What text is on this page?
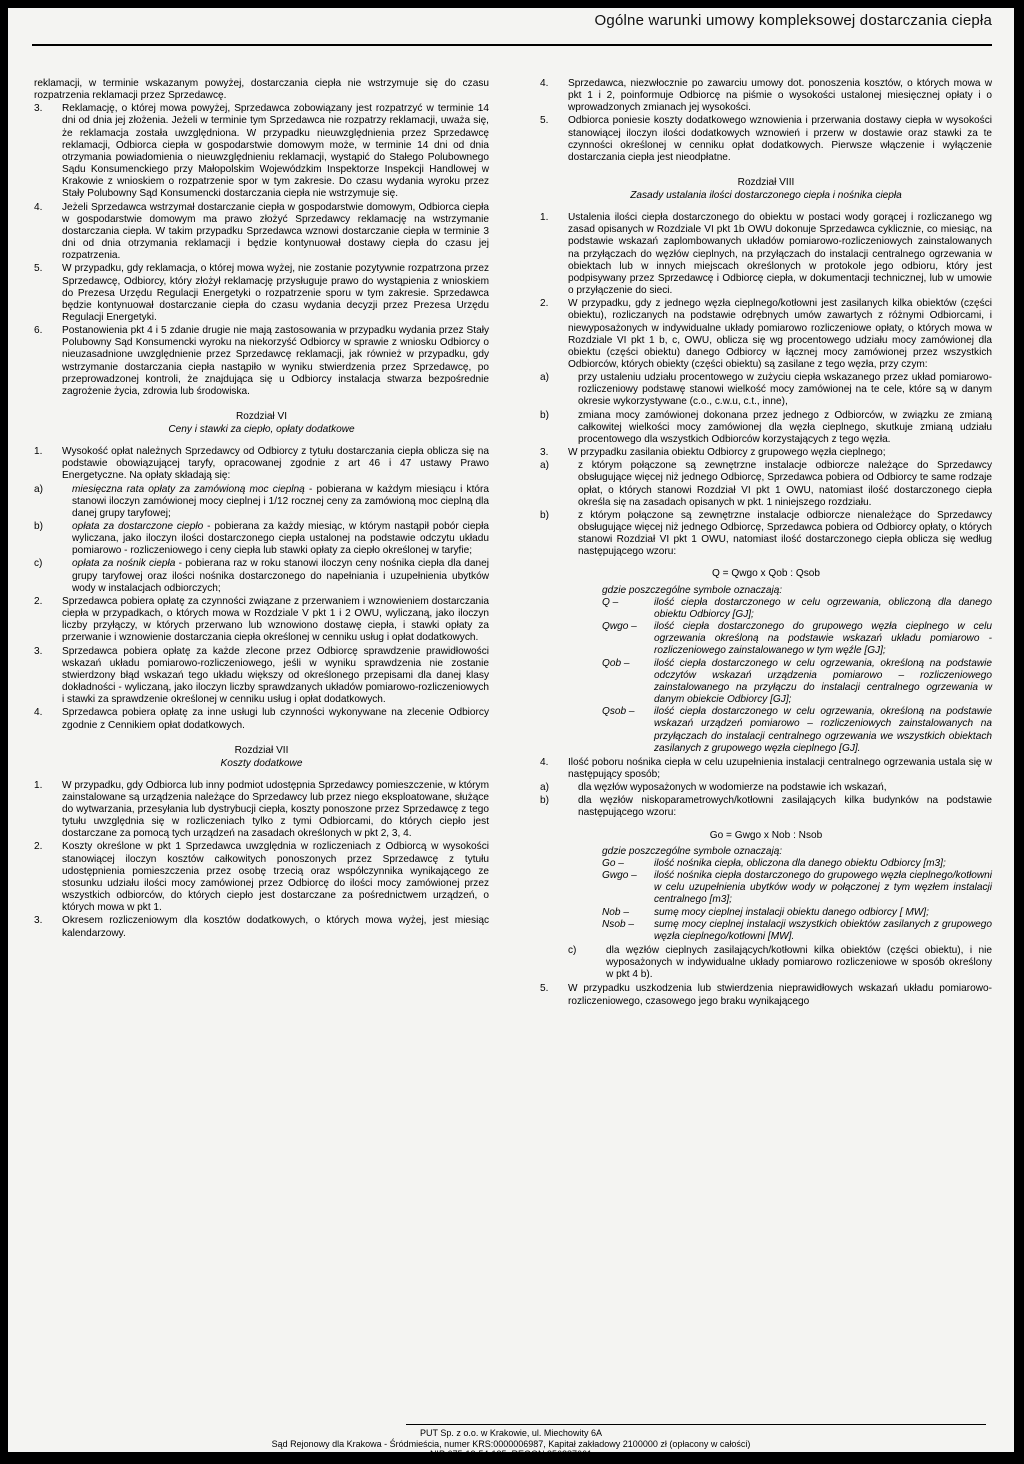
Ogólne warunki umowy kompleksowej dostarczania ciepła

reklamacji, w terminie wskazanym powyżej, dostarczania ciepła nie wstrzymuje się do czasu rozpatrzenia reklamacji przez Sprzedawcę.

3.	Reklamację, o której mowa powyżej, Sprzedawca zobowiązany jest rozpatrzyć w terminie 14 dni od dnia jej złożenia. Jeżeli w terminie tym Sprzedawca nie rozpatrzy reklamacji, uważa się, że reklamacja została uwzględniona. W przypadku nieuwzględnienia przez Sprzedawcę reklamacji, Odbiorca ciepła w gospodarstwie domowym może, w terminie 14 dni od dnia otrzymania powiadomienia o nieuwzględnieniu reklamacji, wystąpić do Stałego Polubownego Sądu Konsumenckiego przy Małopolskim Wojewódzkim Inspektorze Inspekcji Handlowej w Krakowie z wnioskiem o rozpatrzenie spor w tym zakresie. Do czasu wydania wyroku przez Stały Polubowny Sąd Konsumencki dostarczania ciepła nie wstrzymuje się.
4.	Jeżeli Sprzedawca wstrzymał dostarczanie ciepła w gospodarstwie domowym, Odbiorca ciepła w gospodarstwie domowym ma prawo złożyć Sprzedawcy reklamację na wstrzymanie dostarczania ciepła. W takim przypadku Sprzedawca wznowi dostarczanie ciepła w terminie 3 dni od dnia otrzymania reklamacji i będzie kontynuował dostawy ciepła do czasu jej rozpatrzenia.
5.	W przypadku, gdy reklamacja, o której mowa wyżej, nie zostanie pozytywnie rozpatrzona przez Sprzedawcę, Odbiorcy, który złożył reklamację przysługuje prawo do wystąpienia z wnioskiem do Prezesa Urzędu Regulacji Energetyki o rozpatrzenie sporu w tym zakresie. Sprzedawca będzie kontynuował dostarczanie ciepła do czasu wydania decyzji przez Prezesa Urzędu Regulacji Energetyki.
6.	Postanowienia pkt 4 i 5 zdanie drugie nie mają zastosowania w przypadku wydania przez Stały Polubowny Sąd Konsumencki wyroku na niekorzyść Odbiorcy w sprawie z wniosku Odbiorcy o nieuzasadnione uwzględnienie przez Sprzedawcę reklamacji, jak również w przypadku, gdy wstrzymanie dostarczania ciepła nastąpiło w wyniku stwierdzenia przez Sprzedawcę, po przeprowadzonej kontroli, że znajdująca się u Odbiorcy instalacja stwarza bezpośrednie zagrożenie życia, zdrowia lub środowiska.
Rozdział VI
Ceny i stawki za ciepło, opłaty dodatkowe
1.	Wysokość opłat należnych Sprzedawcy od Odbiorcy z tytułu dostarczania ciepła oblicza się na podstawie obowiązującej taryfy, opracowanej zgodnie z art 46 i 47 ustawy Prawo Energetyczne. Na opłaty składają się:
a)	miesięczna rata opłaty za zamówioną moc cieplną - pobierana w każdym miesiącu i która stanowi iloczyn zamówionej mocy cieplnej i 1/12 rocznej ceny za zamówioną moc cieplną dla danej grupy taryfowej;
b)	opłata za dostarczone ciepło - pobierana za każdy miesiąc, w którym nastąpił pobór ciepła wyliczana, jako iloczyn ilości dostarczonego ciepła ustalonej na podstawie odczytu układu pomiarowo - rozliczeniowego i ceny ciepła lub stawki opłaty za ciepło określonej w taryfie;
c)	opłata za nośnik ciepła - pobierana raz w roku stanowi iloczyn ceny nośnika ciepła dla danej grupy taryfowej oraz ilości nośnika dostarczonego do napełniania i uzupełnienia ubytków wody w instalacjach odbiorczych;
2.	Sprzedawca pobiera opłatę za czynności związane z przerwaniem i wznowieniem dostarczania ciepła w przypadkach, o których mowa w Rozdziale V pkt 1 i 2 OWU, wyliczaną, jako iloczyn liczby przyłączy, w których przerwano lub wznowiono dostawę ciepła, i stawki opłaty za przerwanie i wznowienie dostarczania ciepła określonej w cenniku usług i opłat dodatkowych.
3.	Sprzedawca pobiera opłatę za każde zlecone przez Odbiorcę sprawdzenie prawidłowości wskazań układu pomiarowo-rozliczeniowego, jeśli w wyniku sprawdzenia nie zostanie stwierdzony błąd wskazań tego układu większy od określonego przepisami dla danej klasy dokładności - wyliczaną, jako iloczyn liczby sprawdzanych układów pomiarowo-rozliczeniowych i stawki za sprawdzenie określonej w cenniku usług i opłat dodatkowych.
4.	Sprzedawca pobiera opłatę za inne usługi lub czynności wykonywane na zlecenie Odbiorcy zgodnie z Cennikiem opłat dodatkowych.
Rozdział VII
Koszty dodatkowe
1.	W przypadku, gdy Odbiorca lub inny podmiot udostępnia Sprzedawcy pomieszczenie, w którym zainstalowane są urządzenia należące do Sprzedawcy lub przez niego eksploatowane, służące do wytwarzania, przesyłania lub dystrybucji ciepła, koszty ponoszone przez Sprzedawcę z tego tytułu uwzględnia się w rozliczeniach tylko z tymi Odbiorcami, do których ciepło jest dostarczane za pomocą tych urządzeń na zasadach określonych w pkt 2, 3, 4.
2.	Koszty określone w pkt 1 Sprzedawca uwzględnia w rozliczeniach z Odbiorcą w wysokości stanowiącej iloczyn kosztów całkowitych ponoszonych przez Sprzedawcę z tytułu udostępnienia pomieszczenia przez osobę trzecią oraz współczynnika wynikającego ze stosunku udziału ilości mocy zamówionej przez Odbiorcę do ilości mocy zamówionej przez wszystkich odbiorców, do których ciepło jest dostarczane za pośrednictwem urządzeń, o których mowa w pkt 1.
3.	Okresem rozliczeniowym dla kosztów dodatkowych, o których mowa wyżej, jest miesiąc kalendarzowy.
4.	Sprzedawca, niezwłocznie po zawarciu umowy dot. ponoszenia kosztów, o których mowa w pkt 1 i 2, poinformuje Odbiorcę na piśmie o wysokości ustalonej miesięcznej opłaty i o wprowadzonych zmianach jej wysokości.
5.	Odbiorca poniesie koszty dodatkowego wznowienia i przerwania dostawy ciepła w wysokości stanowiącej iloczyn ilości dodatkowych wznowień i przerw w dostawie oraz stawki za te czynności określonej w cenniku opłat dodatkowych. Pierwsze włączenie i wyłączenie dostarczania ciepła jest nieodpłatne.
Rozdział VIII
Zasady ustalania ilości dostarczonego ciepła i nośnika ciepła
1.	Ustalenia ilości ciepła dostarczonego do obiektu w postaci wody gorącej i rozliczanego wg zasad opisanych w Rozdziale VI pkt 1b OWU dokonuje Sprzedawca cyklicznie, co miesiąc, na podstawie wskazań zaplombowanych układów pomiarowo-rozliczeniowych zainstalowanych na przyłączach do węzłów cieplnych, na przyłączach do instalacji centralnego ogrzewania w obiektach lub w innych miejscach określonych w protokole jego odbioru, który jest podpisywany przez Sprzedawcę i Odbiorcę ciepła, w dokumentacji technicznej, lub w umowie o przyłączenie do sieci.
2.	W przypadku, gdy z jednego węzła cieplnego/kotłowni jest zasilanych kilka obiektów (części obiektu), rozliczanych na podstawie odrębnych umów zawartych z różnymi Odbiorcami, i niewyposażonych w indywidualne układy pomiarowo rozliczeniowe opłaty, o których mowa w Rozdziale VI pkt 1 b, c, OWU, oblicza się wg procentowego udziału mocy zamówionej dla obiektu (części obiektu) danego Odbiorcy w łącznej mocy zamówionej przez wszystkich Odbiorców, których obiekty (części obiektu) są zasilane z tego węzła, przy czym:
a)	przy ustaleniu udziału procentowego w zużyciu ciepła wskazanego przez układ pomiarowo-rozliczeniowy podstawę stanowi wielkość mocy zamówionej na te cele, które są w danym okresie wykorzystywane (c.o., c.w.u, c.t., inne),
b)	zmiana mocy zamówionej dokonana przez jednego z Odbiorców, w związku ze zmianą całkowitej wielkości mocy zamówionej dla węzła cieplnego, skutkuje zmianą udziału procentowego dla wszystkich Odbiorców korzystających z tego węzła.
3.	W przypadku zasilania obiektu Odbiorcy z grupowego węzła cieplnego;
a)	z którym połączone są zewnętrzne instalacje odbiorcze należące do Sprzedawcy obsługujące więcej niż jednego Odbiorcę, Sprzedawca pobiera od Odbiorcy te same rodzaje opłat, o których stanowi Rozdział VI pkt 1 OWU, natomiast ilość dostarczonego ciepła określa się na zasadach opisanych w pkt. 1 niniejszego rozdziału.
b)	z którym połączone są zewnętrzne instalacje odbiorcze nienależące do Sprzedawcy obsługujące więcej niż jednego Odbiorcę, Sprzedawca pobiera od Odbiorcy opłaty, o których stanowi Rozdział VI pkt 1 OWU, natomiast ilość dostarczonego ciepła oblicza się według następującego wzoru:
Q = Qwgo x Qob : Qsob
gdzie poszczególne symbole oznaczają:
Q –	ilość ciepła dostarczonego w celu ogrzewania, obliczoną dla danego obiektu Odbiorcy [GJ];
Qwgo –	ilość ciepła dostarczonego do grupowego węzła cieplnego w celu ogrzewania określoną na podstawie wskazań układu pomiarowo - rozliczeniowego zainstalowanego w tym węźle [GJ];
Qob –	ilość ciepła dostarczonego w celu ogrzewania, określoną na podstawie odczytów wskazań urządzenia pomiarowo – rozliczeniowego zainstalowanego na przyłączu do instalacji centralnego ogrzewania w danym obiekcie Odbiorcy [GJ];
Qsob –	ilość ciepła dostarczonego w celu ogrzewania, określoną na podstawie wskazań urządzeń pomiarowo – rozliczeniowych zainstalowanych na przyłączach do instalacji centralnego ogrzewania we wszystkich obiektach zasilanych z grupowego węzła cieplnego [GJ].
4.	Ilość poboru nośnika ciepła w celu uzupełnienia instalacji centralnego ogrzewania ustala się w następujący sposób;
a)	dla węzłów wyposażonych w wodomierze na podstawie ich wskazań,
b)	dla węzłów niskoparametrowych/kotłowni zasilających kilka budynków na podstawie następującego wzoru:
Go = Gwgo x Nob : Nsob
gdzie poszczególne symbole oznaczają:
Go –	ilość nośnika ciepła, obliczona dla danego obiektu Odbiorcy [m3];
Gwgo –	ilość nośnika ciepła dostarczonego do grupowego węzła cieplnego/kotłowni w celu uzupełnienia ubytków wody w połączonej z tym węzłem instalacji centralnego [m3];
Nob –	sumę mocy cieplnej instalacji obiektu danego odbiorcy [ MW];
Nsob –	sumę mocy cieplnej instalacji wszystkich obiektów zasilanych z grupowego węzła cieplnego/kotłowni [MW].
c)	dla węzłów cieplnych zasilających/kotłowni kilka obiektów (części obiektu), i nie wyposażonych w indywidualne układy pomiarowo rozliczeniowe w sposób określony w pkt 4 b).
5.	W przypadku uszkodzenia lub stwierdzenia nieprawidłowych wskazań układu pomiarowo-rozliczeniowego, czasowego jego braku wynikającego
PUT Sp. z o.o. w Krakowie, ul. Miechowity 6A
Sąd Rejonowy dla Krakowa - Śródmieścia, numer KRS:0000006987, Kapitał zakładowy 2100000 zł (opłacony w całości)
NIP:675-12-54-135, REGON:356287661
Luty'18	Str. 3/6
